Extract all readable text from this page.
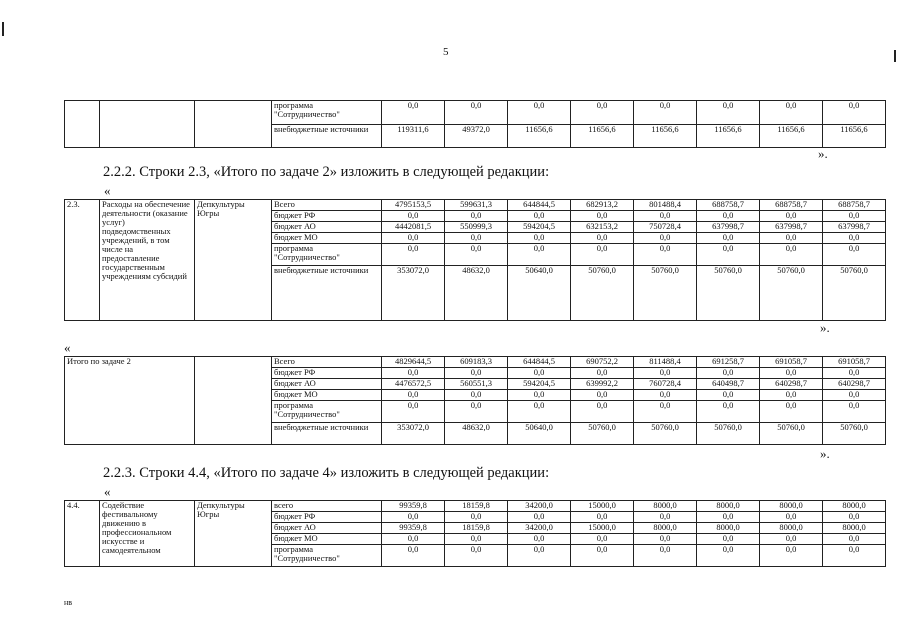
5
			программа "Сотрудничество"	0,0	0,0	0,0	0,0	0,0	0,0	0,0	0,0
			внебюджетные источники	119311,6	49372,0	11656,6	11656,6	11656,6	11656,6	11656,6	11656,6
».
2.2.2. Строки 2.3, «Итого по задаче 2» изложить в следующей редакции:
«
2.3.	Расходы на обеспечение деятельности (оказание услуг) подведомственных учреждений, в том числе на предоставление государственным учреждениям субсидий	Депкультуры Югры	Всего	4795153,5	599631,3	644844,5	682913,2	801488,4	688758,7	688758,7	688758,7
			бюджет РФ	0,0	0,0	0,0	0,0	0,0	0,0	0,0	0,0
			бюджет АО	4442081,5	550999,3	594204,5	632153,2	750728,4	637998,7	637998,7	637998,7
			бюджет МО	0,0	0,0	0,0	0,0	0,0	0,0	0,0	0,0
			программа "Сотрудничество"	0,0	0,0	0,0	0,0	0,0	0,0	0,0	0,0
			внебюджетные источники	353072,0	48632,0	50640,0	50760,0	50760,0	50760,0	50760,0	50760,0
».
«
Итого по задаче 2		Всего	4829644,5	609183,3	644844,5	690752,2	811488,4	691258,7	691058,7	691058,7
		бюджет РФ	0,0	0,0	0,0	0,0	0,0	0,0	0,0	0,0
		бюджет АО	4476572,5	560551,3	594204,5	639992,2	760728,4	640498,7	640298,7	640298,7
		бюджет МО	0,0	0,0	0,0	0,0	0,0	0,0	0,0	0,0
		программа "Сотрудничество"	0,0	0,0	0,0	0,0	0,0	0,0	0,0	0,0
		внебюджетные источники	353072,0	48632,0	50640,0	50760,0	50760,0	50760,0	50760,0	50760,0
».
2.2.3. Строки 4.4, «Итого по задаче 4» изложить в следующей редакции:
«
4.4.	Содействие фестивальному движению в профессиональном искусстве и самодеятельном	Депкультуры Югры	всего	99359,8	18159,8	34200,0	15000,0	8000,0	8000,0	8000,0	8000,0
			бюджет РФ	0,0	0,0	0,0	0,0	0,0	0,0	0,0	0,0
			бюджет АО	99359,8	18159,8	34200,0	15000,0	8000,0	8000,0	8000,0	8000,0
			бюджет МО	0,0	0,0	0,0	0,0	0,0	0,0	0,0	0,0
			программа "Сотрудничество"	0,0	0,0	0,0	0,0	0,0	0,0	0,0	0,0
нв
